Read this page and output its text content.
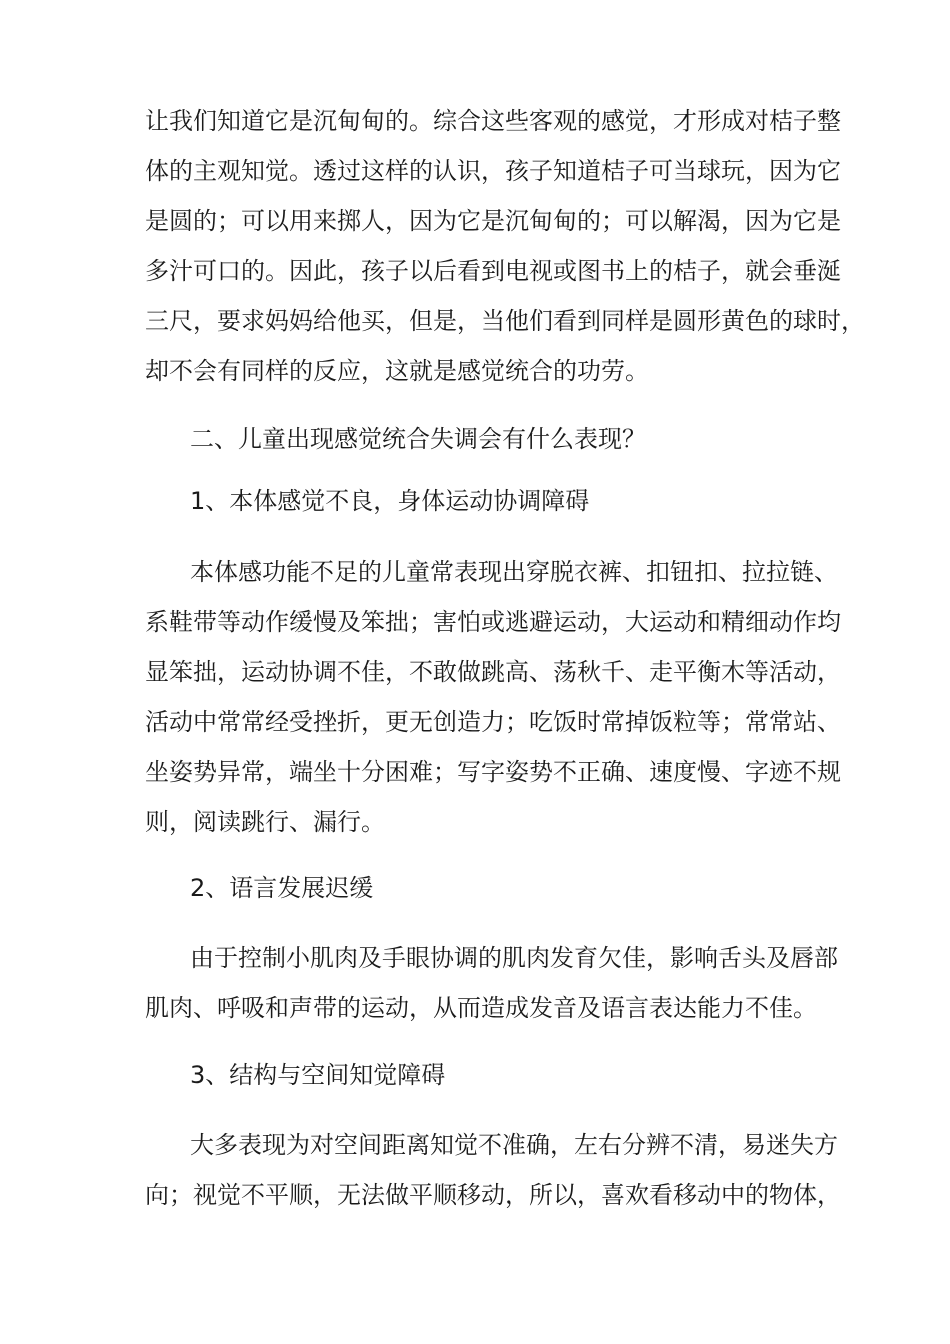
让我们知道它是沉甸甸的。综合这些客观的感觉，才形成对桔子整
体的主观知觉。透过这样的认识，孩子知道桔子可当球玩，因为它
是圆的；可以用来掷人，因为它是沉甸甸的；可以解渴，因为它是
多汁可口的。因此，孩子以后看到电视或图书上的桔子，就会垂涎
三尺，要求妈妈给他买，但是，当他们看到同样是圆形黄色的球时，
却不会有同样的反应，这就是感觉统合的功劳。
二、儿童出现感觉统合失调会有什么表现？
1、本体感觉不良，身体运动协调障碍
本体感功能不足的儿童常表现出穿脱衣裤、扣钮扣、拉拉链、
系鞋带等动作缓慢及笨拙；害怕或逃避运动，大运动和精细动作均
显笨拙，运动协调不佳，不敢做跳高、荡秋千、走平衡木等活动，
活动中常常经受挫折，更无创造力；吃饭时常掉饭粒等；常常站、
坐姿势异常，端坐十分困难；写字姿势不正确、速度慢、字迹不规
则，阅读跳行、漏行。
2、语言发展迟缓
由于控制小肌肉及手眼协调的肌肉发育欠佳，影响舌头及唇部
肌肉、呼吸和声带的运动，从而造成发音及语言表达能力不佳。
3、结构与空间知觉障碍
大多表现为对空间距离知觉不准确，左右分辨不清，易迷失方
向；视觉不平顺，无法做平顺移动，所以，喜欢看移动中的物体，
